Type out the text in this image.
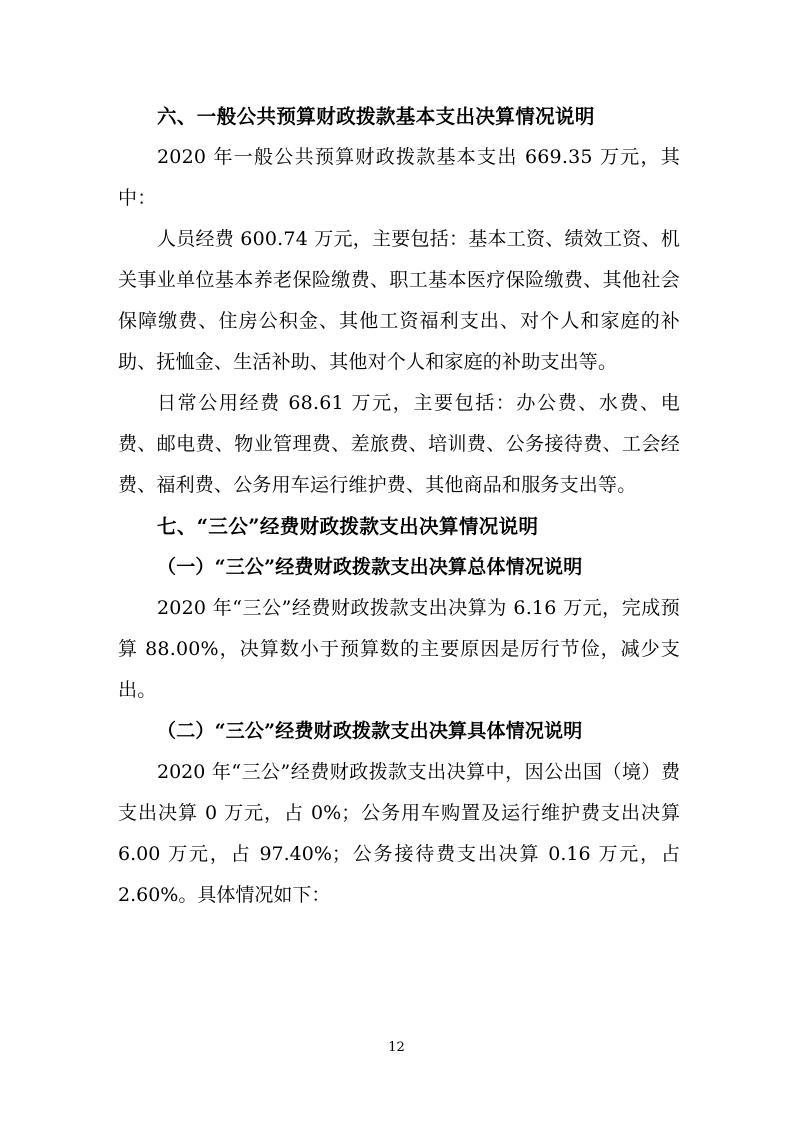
六、一般公共预算财政拨款基本支出决算情况说明

2020 年一般公共预算财政拨款基本支出 669.35 万元，其中：

人员经费 600.74 万元，主要包括：基本工资、绩效工资、机关事业单位基本养老保险缴费、职工基本医疗保险缴费、其他社会保障缴费、住房公积金、其他工资福利支出、对个人和家庭的补助、抚恤金、生活补助、其他对个人和家庭的补助支出等。

日常公用经费 68.61 万元，主要包括：办公费、水费、电费、邮电费、物业管理费、差旅费、培训费、公务接待费、工会经费、福利费、公务用车运行维护费、其他商品和服务支出等。

七、“三公”经费财政拨款支出决算情况说明
（一）“三公”经费财政拨款支出决算总体情况说明

2020 年“三公”经费财政拨款支出决算为 6.16 万元，完成预算 88.00%，决算数小于预算数的主要原因是厉行节俭，减少支出。

（二）“三公”经费财政拨款支出决算具体情况说明

2020 年“三公”经费财政拨款支出决算中，因公出国（境）费支出决算 0 万元，占 0%；公务用车购置及运行维护费支出决算 6.00 万元，占 97.40%；公务接待费支出决算 0.16 万元，占 2.60%。具体情况如下：

12
